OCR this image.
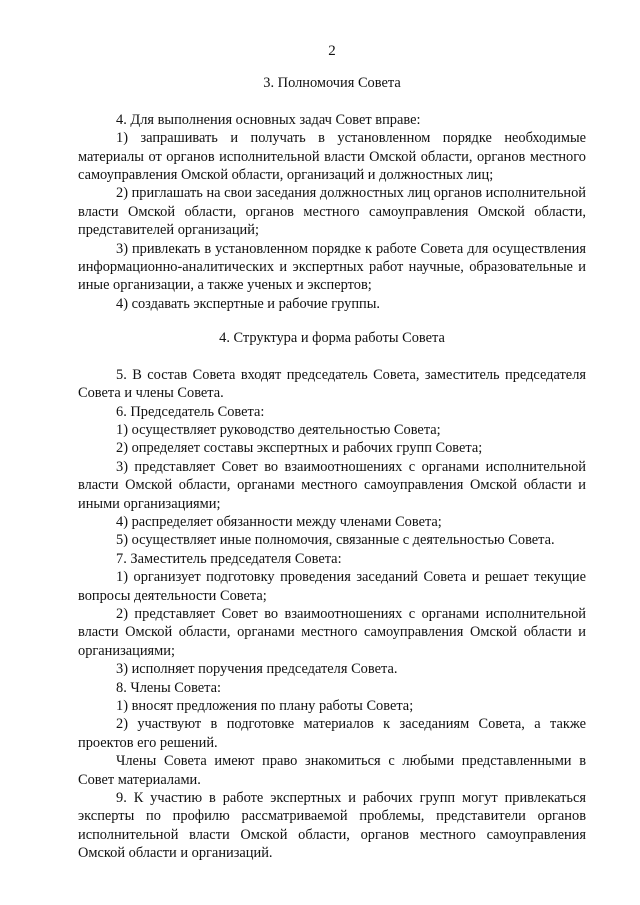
2
3. Полномочия Совета

4. Для выполнения основных задач Совет вправе:

1) запрашивать и получать в установленном порядке необходимые материалы от органов исполнительной власти Омской области, органов местного самоуправления Омской области, организаций и должностных лиц;

2) приглашать на свои заседания должностных лиц органов исполнительной власти Омской области, органов местного самоуправления Омской области, представителей организаций;

3) привлекать в установленном порядке к работе Совета для осуществления информационно-аналитических и экспертных работ научные, образовательные и иные организации, а также ученых и экспертов;

4) создавать экспертные и рабочие группы.

4. Структура и форма работы Совета

5. В состав Совета входят председатель Совета, заместитель председателя Совета и члены Совета.

6. Председатель Совета:

1) осуществляет руководство деятельностью Совета;

2) определяет составы экспертных и рабочих групп Совета;

3) представляет Совет во взаимоотношениях с органами исполнительной власти Омской области, органами местного самоуправления Омской области и иными организациями;

4) распределяет обязанности между членами Совета;

5) осуществляет иные полномочия, связанные с деятельностью Совета.

7. Заместитель председателя Совета:

1) организует подготовку проведения заседаний Совета и решает текущие вопросы деятельности Совета;

2) представляет Совет во взаимоотношениях с органами исполнительной власти Омской области, органами местного самоуправления Омской области и организациями;

3) исполняет поручения председателя Совета.

8. Члены Совета:

1) вносят предложения по плану работы Совета;

2) участвуют в подготовке материалов к заседаниям Совета, а также проектов его решений.

Члены Совета имеют право знакомиться с любыми представленными в Совет материалами.

9. К участию в работе экспертных и рабочих групп могут привлекаться эксперты по профилю рассматриваемой проблемы, представители органов исполнительной власти Омской области, органов местного самоуправления Омской области и организаций.
